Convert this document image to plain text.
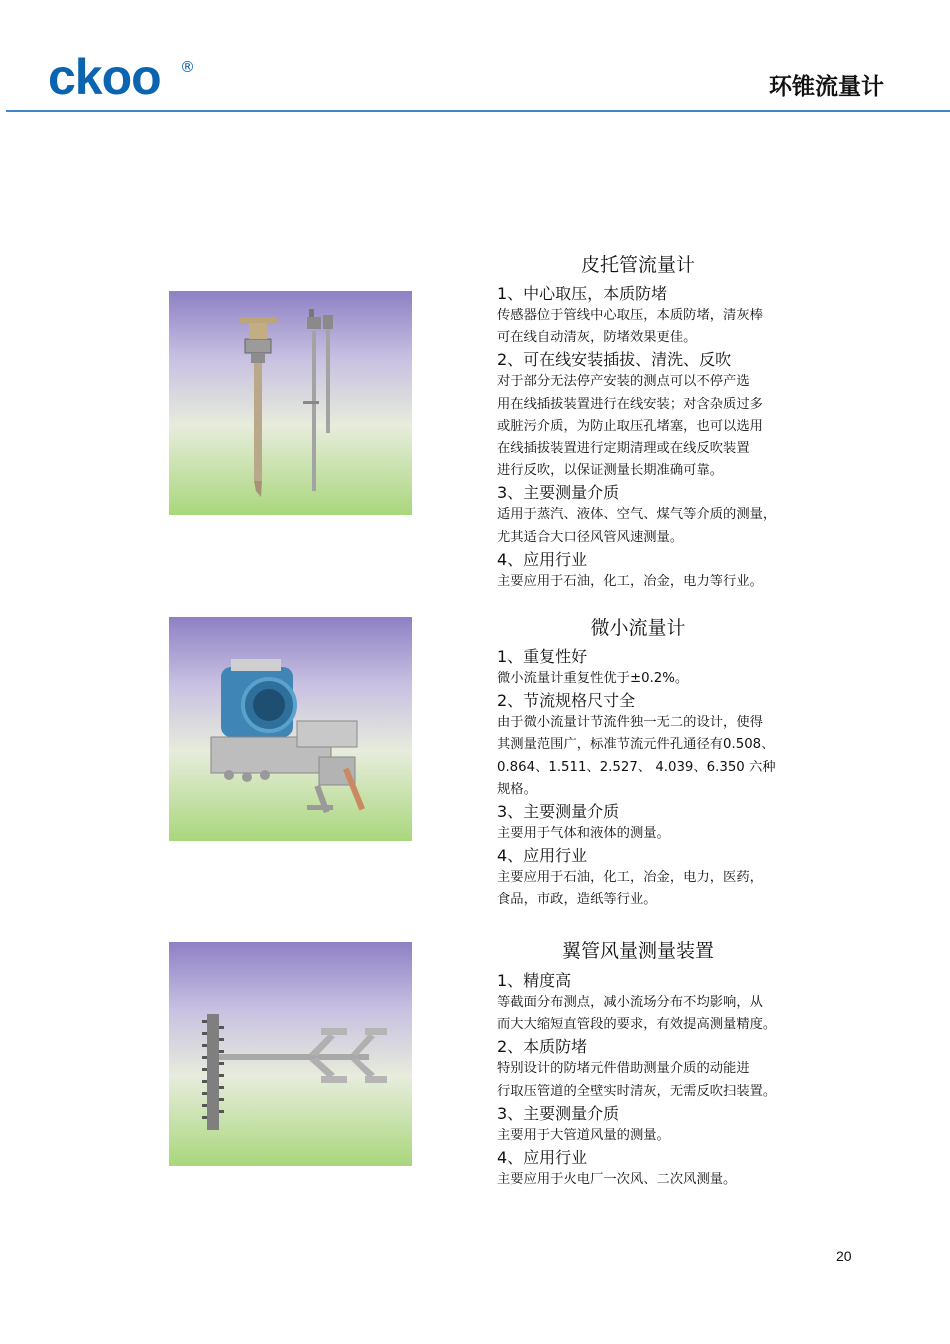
ckoo ®
环锥流量计
皮托管流量计
1、中心取压，本质防堵
传感器位于管线中心取压，本质防堵，清灰棒
可在线自动清灰，防堵效果更佳。
2、可在线安装插拔、清洗、反吹
对于部分无法停产安装的测点可以不停产选
用在线插拔装置进行在线安装；对含杂质过多
或脏污介质，为防止取压孔堵塞，也可以选用
在线插拔装置进行定期清理或在线反吹装置
进行反吹，以保证测量长期准确可靠。
3、主要测量介质
适用于蒸汽、液体、空气、煤气等介质的测量，
尤其适合大口径风管风速测量。
4、应用行业
主要应用于石油，化工，冶金，电力等行业。
微小流量计
1、重复性好
微小流量计重复性优于±0.2%。
2、节流规格尺寸全
由于微小流量计节流件独一无二的设计，使得
其测量范围广，标准节流元件孔通径有0.508、
0.864、1.511、2.527、 4.039、6.350 六种
规格。
3、主要测量介质
主要用于气体和液体的测量。
4、应用行业
主要应用于石油，化工，冶金，电力，医药，
食品，市政，造纸等行业。
翼管风量测量装置
1、精度高
等截面分布测点，减小流场分布不均影响，从
而大大缩短直管段的要求，有效提高测量精度。
2、本质防堵
特别设计的防堵元件借助测量介质的动能进
行取压管道的全壁实时清灰，无需反吹扫装置。
3、主要测量介质
主要用于大管道风量的测量。
4、应用行业
主要应用于火电厂一次风、二次风测量。
20
